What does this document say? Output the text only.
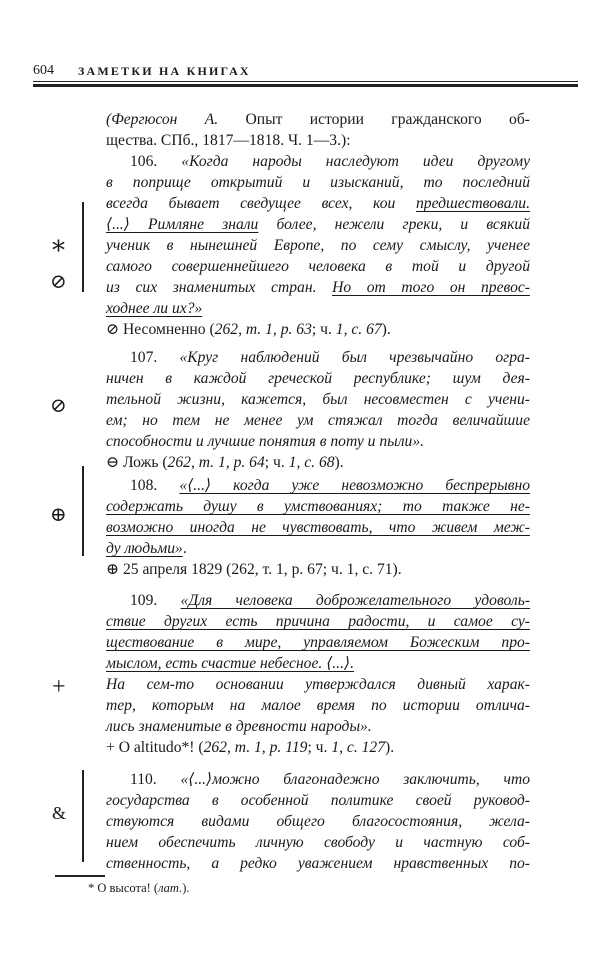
604 ЗАМЕТКИ НА КНИГАХ
(Фергюсон А. Опыт истории гражданского об-
щества. СПб., 1817—1818. Ч. 1—3.):
106. «Когда народы наследуют идеи другому
в поприще открытий и изысканий, то последний
всегда бывает сведущее всех, кои предшествовали.
⟨...⟩ Римляне знали более, нежели греки, и всякий
ученик в нынешней Европе, по сему смыслу, ученее
самого совершеннейшего человека в той и другой
из сих знаменитых стран. Но от того он превос-
ходнее ли их?»
⊘ Несомненно (262, т. 1, р. 63; ч. 1, с. 67).
107. «Круг наблюдений был чрезвычайно огра-
ничен в каждой греческой республике; шум дея-
тельной жизни, кажется, был несовместен с учени-
ем; но тем не менее ум стяжал тогда величайшие
способности и лучшие понятия в поту и пыли».
⊖ Ложь (262, т. 1, р. 64; ч. 1, с. 68).
108. «⟨...⟩ когда уже невозможно беспрерывно
содержать душу в умствованиях; то также не-
возможно иногда не чувствовать, что живем меж-
ду людьми».
⊕ 25 апреля 1829 (262, т. 1, р. 67; ч. 1, с. 71).
109. «Для человека доброжелательного удоволь-
ствие других есть причина радости, и самое су-
ществование в мире, управляемом Божеским про-
мыслом, есть счастие небесное. ⟨...⟩.
На сем-то основании утверждался дивный харак-
тер, которым на малое время по истории отлича-
лись знаменитые в древности народы».
+ O altitudo*! (262, т. 1, р. 119; ч. 1, с. 127).
110. «⟨...⟩можно благонадежно заключить, что
государства в особенной политике своей руковод-
ствуются видами общего благосостояния, жела-
нием обеспечить личную свободу и частную соб-
ственность, а редко уважением нравственных по-
⁎
⊘
⊘
⊕
+
&
* О высота! (лат.).
